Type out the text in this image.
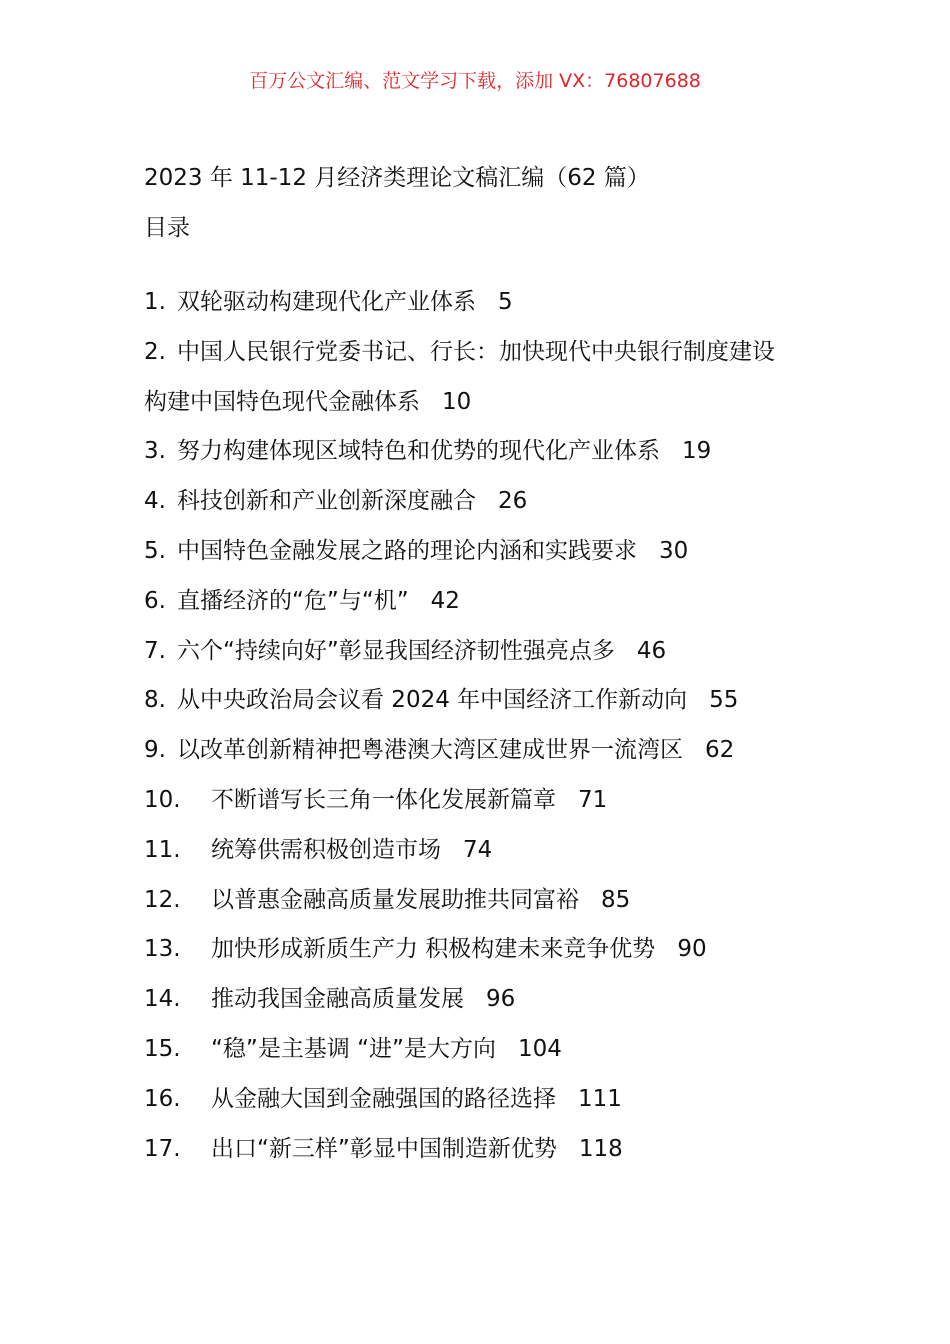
百万公文汇编、范文学习下载，添加 VX：76807688
2023 年 11-12 月经济类理论文稿汇编（62 篇）
目录
1. 双轮驱动构建现代化产业体系 5
2. 中国人民银行党委书记、行长：加快现代中央银行制度建设
构建中国特色现代金融体系 10
3. 努力构建体现区域特色和优势的现代化产业体系 19
4. 科技创新和产业创新深度融合 26
5. 中国特色金融发展之路的理论内涵和实践要求 30
6. 直播经济的“危”与“机” 42
7. 六个“持续向好”彰显我国经济韧性强亮点多 46
8. 从中央政治局会议看 2024 年中国经济工作新动向 55
9. 以改革创新精神把粤港澳大湾区建成世界一流湾区 62
10. 不断谱写长三角一体化发展新篇章 71
11. 统筹供需积极创造市场 74
12. 以普惠金融高质量发展助推共同富裕 85
13. 加快形成新质生产力 积极构建未来竞争优势 90
14. 推动我国金融高质量发展 96
15. “稳”是主基调 “进”是大方向 104
16. 从金融大国到金融强国的路径选择 111
17. 出口“新三样”彰显中国制造新优势 118
